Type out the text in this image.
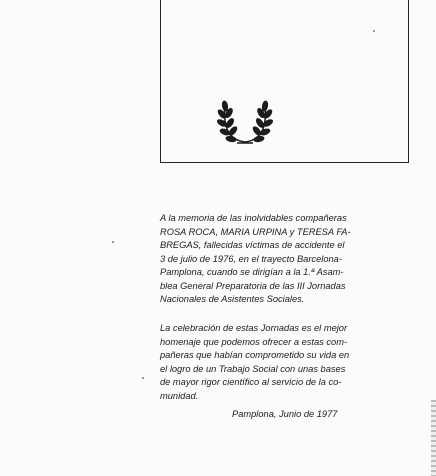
A la memoria de las inolvidables compañeras
ROSA ROCA, MARIA URPINA y TERESA FA-
BREGAS, fallecidas víctimas de accidente el
3 de julio de 1976, en el trayecto Barcelona-
Pamplona, cuando se dirigían a la 1.ª Asam-
blea General Preparatoria de las III Jornadas
Nacionales de Asistentes Sociales.

La celebración de estas Jornadas es el mejor
homenaje que podemos ofrecer a estas com-
pañeras que habían comprometido su vida en
el logro de un Trabajo Social con unas bases
de mayor rigor científico al servicio de la co-
munidad.

Pamplona, Junio de 1977
